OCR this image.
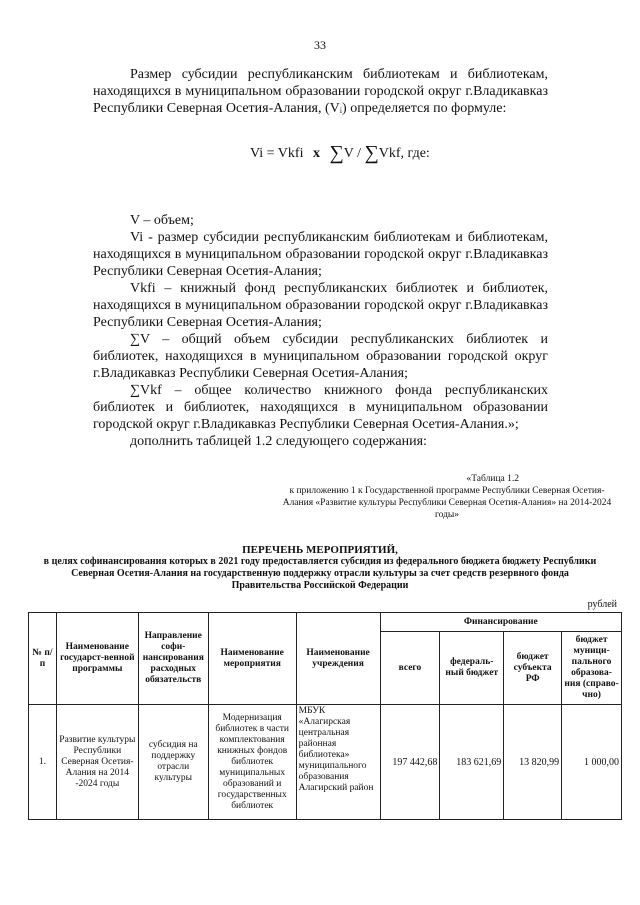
33
Размер субсидии республиканским библиотекам и библиотекам, находящихся в муниципальном образовании городской округ г.Владикавказ Республики Северная Осетия-Алания, (Vᵢ) определяется по формуле:
Vi = Vkfi x ∑V / ∑Vkf, где:
V – объем;
Vi - размер субсидии республиканским библиотекам и библиотекам, находящихся в муниципальном образовании городской округ г.Владикавказ Республики Северная Осетия-Алания;
Vkfi – книжный фонд республиканских библиотек и библиотек, находящихся в муниципальном образовании городской округ г.Владикавказ Республики Северная Осетия-Алания;
∑V – общий объем субсидии республиканских библиотек и библиотек, находящихся в муниципальном образовании городской округ г.Владикавказ Республики Северная Осетия-Алания;
∑Vkf – общее количество книжного фонда республиканских библиотек и библиотек, находящихся в муниципальном образовании городской округ г.Владикавказ Республики Северная Осетия-Алания.»;
дополнить таблицей 1.2 следующего содержания:
«Таблица 1.2
к приложению 1 к Государственной программе Республики Северная Осетия-Алания «Развитие культуры Республики Северная Осетия-Алания» на 2014-2024 годы»
ПЕРЕЧЕНЬ МЕРОПРИЯТИЙ,
в целях софинансирования которых в 2021 году предоставляется субсидия из федерального бюджета бюджету Республики Северная Осетия-Алания на государственную поддержку отрасли культуры за счет средств резервного фонда Правительства Российской Федерации
рублей
№ п/п	Наименование государст-венной программы	Направление софи-нансирования расходных обязательств	Наименование мероприятия	Наименование учреждения	Финансирование			
					всего	федераль-ный бюджет	бюджет субъекта РФ	бюджет муници-пального образова-ния (справо-чно)
1.	Развитие культуры Республики Северная Осетия-Алания на 2014 -2024 годы	субсидия на поддержку отрасли культуры	Модернизация библиотек в части комплектования книжных фондов библиотек муниципальных образований и государственных библиотек	МБУК «Алагирская центральная районная библиотека» муниципального образования Алагирский район	197 442,68	183 621,69	13 820,99	1 000,00
